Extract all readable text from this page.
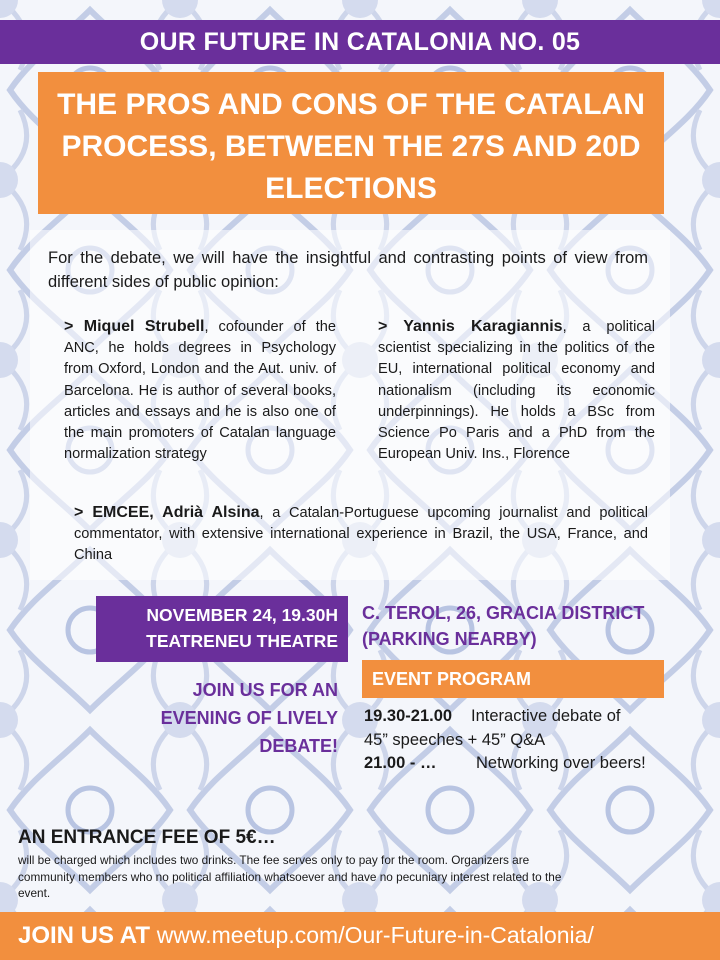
OUR FUTURE IN CATALONIA NO. 05
THE PROS AND CONS OF THE CATALAN PROCESS, BETWEEN THE 27S AND 20D ELECTIONS
For the debate, we will have the insightful and contrasting points of view from different sides of public opinion:
> Miquel Strubell, cofounder of the ANC, he holds degrees in Psychology from Oxford, London and the Aut. univ. of Barcelona. He is author of several books, articles and essays and he is also one of the main promoters of Catalan language normalization strategy
> Yannis Karagiannis, a political scientist specializing in the politics of the EU, international political economy and nationalism (including its economic underpinnings). He holds a BSc from Science Po Paris and a PhD from the European Univ. Ins., Florence
> EMCEE, Adrià Alsina, a Catalan-Portuguese upcoming journalist and political commentator, with extensive international experience in Brazil, the USA, France, and China
NOVEMBER 24, 19.30H
TEATRENEU THEATRE
C. TEROL, 26, GRACIA DISTRICT
(PARKING NEARBY)
JOIN US FOR AN EVENING OF LIVELY DEBATE!
EVENT PROGRAM
19.30-21.00 Interactive debate of
45” speeches + 45” Q&A
21.00 - … Networking over beers!
AN ENTRANCE FEE OF 5€…
will be charged which includes two drinks. The fee serves only to pay for the room. Organizers are community members who no political affiliation whatsoever and have no pecuniary interest related to the event.
JOIN US AT www.meetup.com/Our-Future-in-Catalonia/
